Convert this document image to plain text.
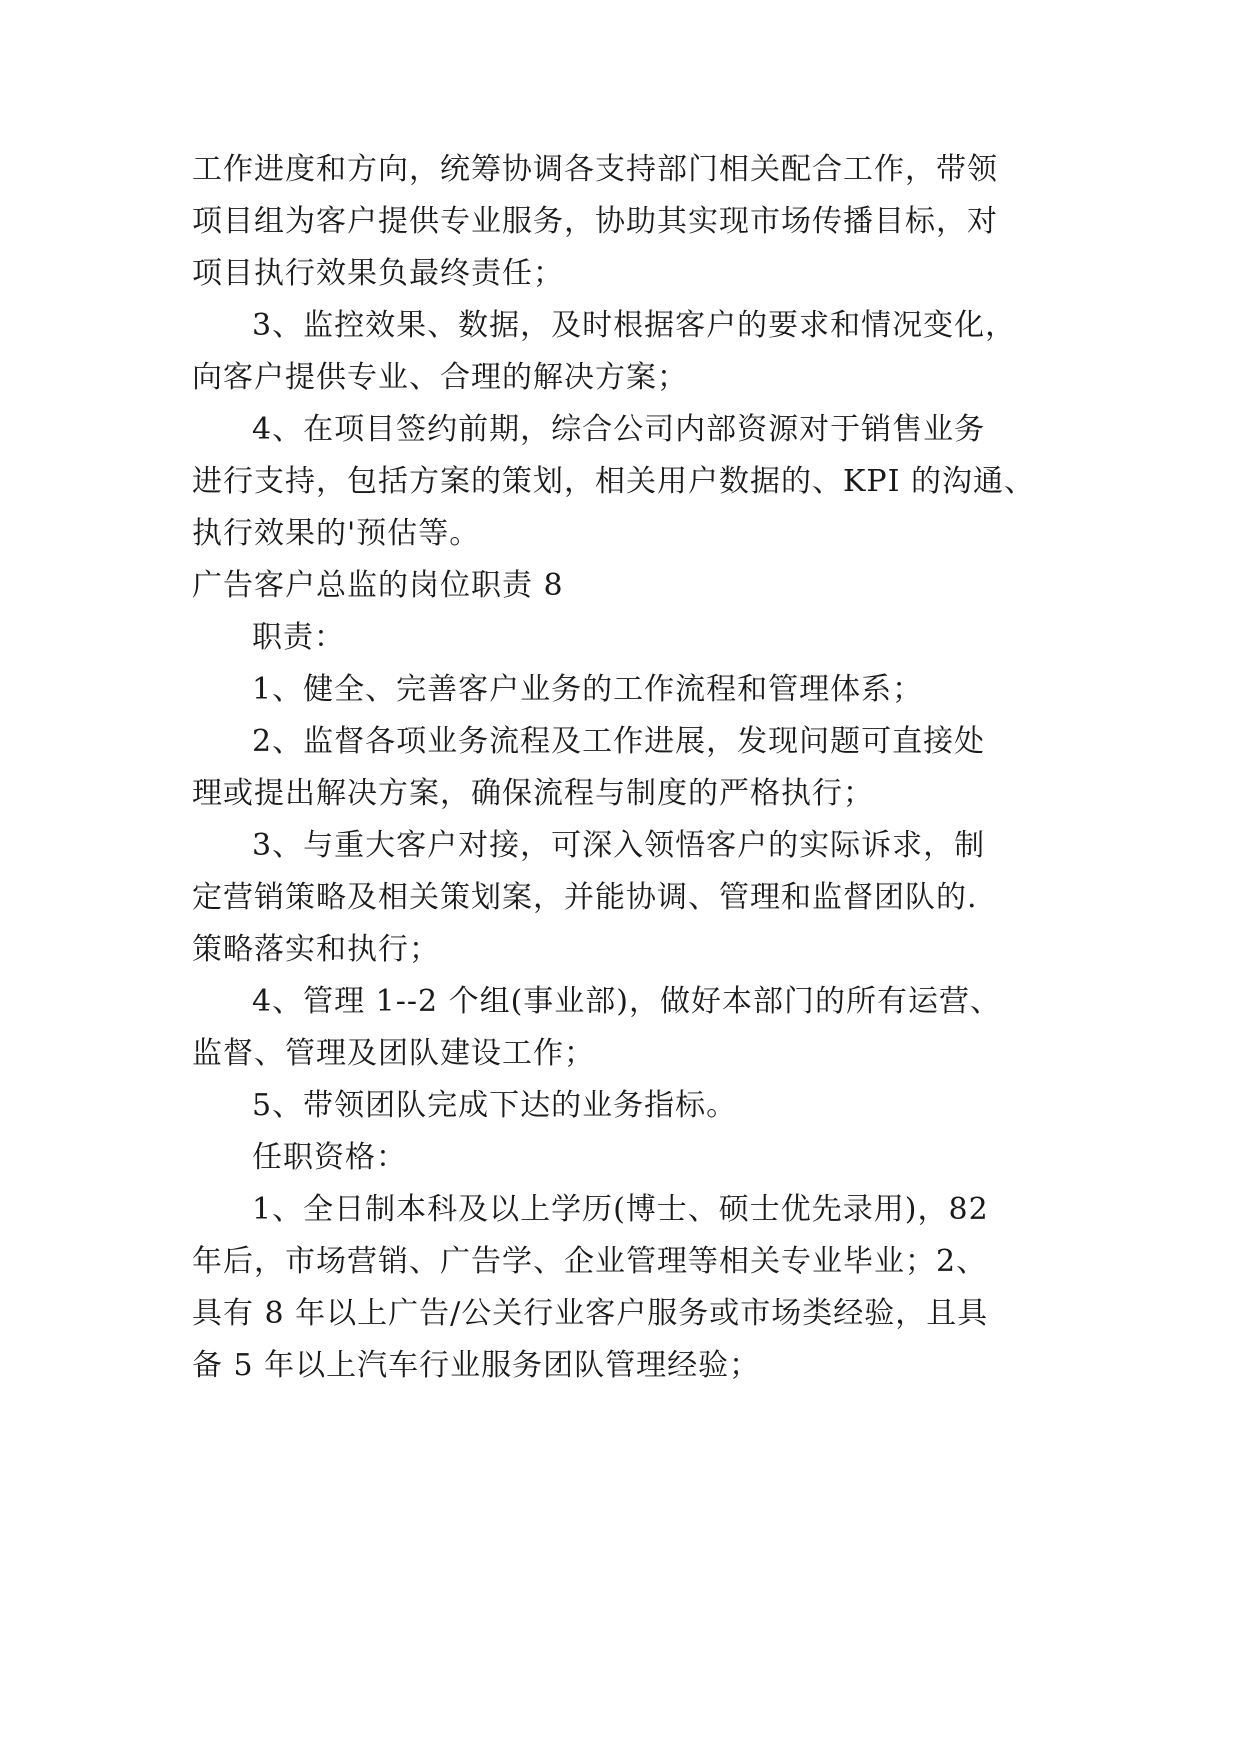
工作进度和方向，统筹协调各支持部门相关配合工作，带领
项目组为客户提供专业服务，协助其实现市场传播目标，对
项目执行效果负最终责任；
3、监控效果、数据，及时根据客户的要求和情况变化，
向客户提供专业、合理的解决方案；
4、在项目签约前期，综合公司内部资源对于销售业务
进行支持，包括方案的策划，相关用户数据的、KPI 的沟通、
执行效果的'预估等。
广告客户总监的岗位职责 8
职责：
1、健全、完善客户业务的工作流程和管理体系；
2、监督各项业务流程及工作进展，发现问题可直接处
理或提出解决方案，确保流程与制度的严格执行；
3、与重大客户对接，可深入领悟客户的实际诉求，制
定营销策略及相关策划案，并能协调、管理和监督团队的.
策略落实和执行；
4、管理 1--2 个组(事业部)，做好本部门的所有运营、
监督、管理及团队建设工作；
5、带领团队完成下达的业务指标。
任职资格：
1、全日制本科及以上学历(博士、硕士优先录用)，82
年后，市场营销、广告学、企业管理等相关专业毕业；2、
具有 8 年以上广告/公关行业客户服务或市场类经验，且具
备 5 年以上汽车行业服务团队管理经验；
